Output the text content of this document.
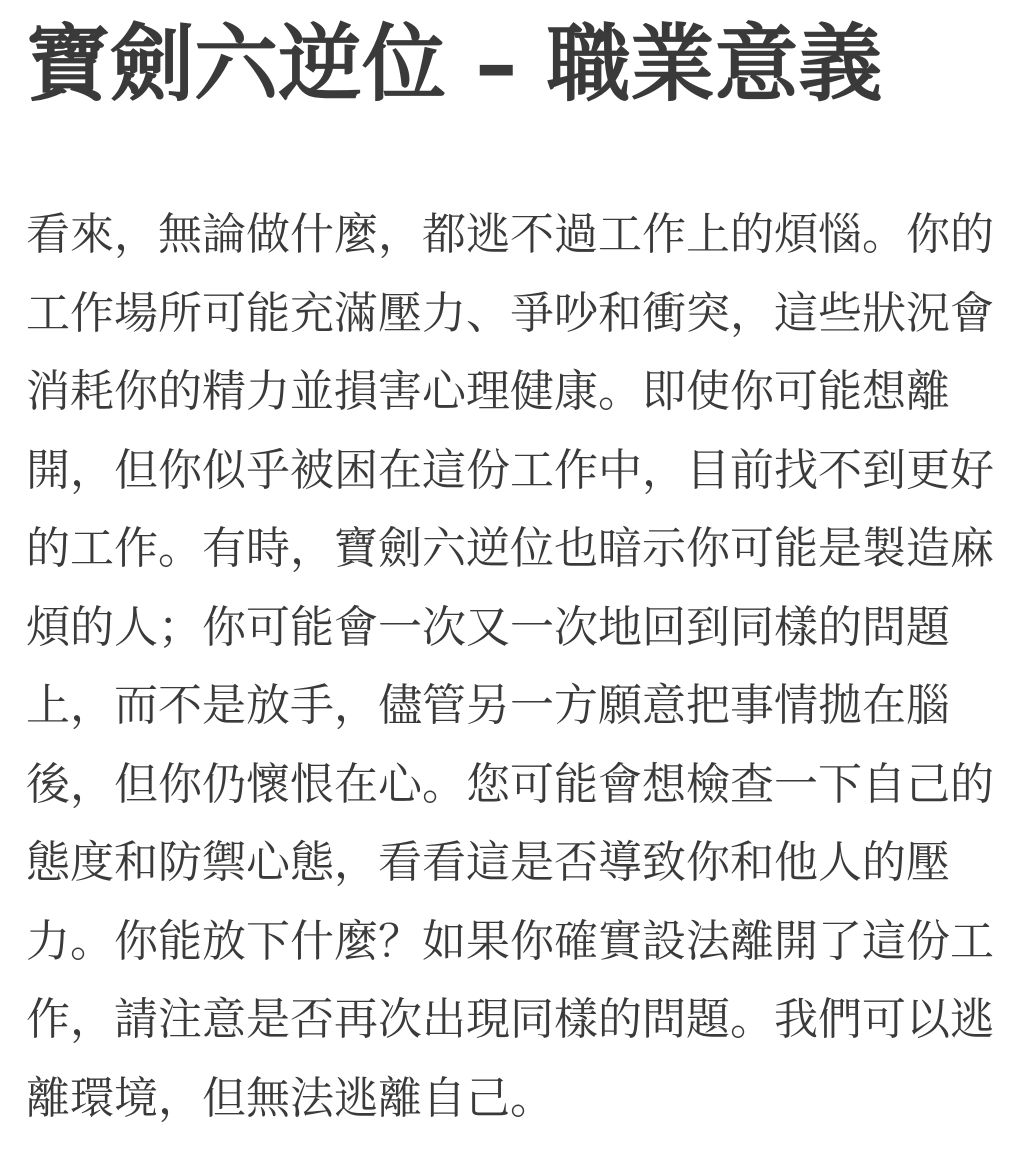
寶劍六逆位 – 職業意義

看來，無論做什麼，都逃不過工作上的煩惱。你的
工作場所可能充滿壓力、爭吵和衝突，這些狀況會
消耗你的精力並損害心理健康。即使你可能想離
開，但你似乎被困在這份工作中，目前找不到更好
的工作。有時，寶劍六逆位也暗示你可能是製造麻
煩的人；你可能會一次又一次地回到同樣的問題
上，而不是放手，儘管另一方願意把事情拋在腦
後，但你仍懷恨在心。您可能會想檢查一下自己的
態度和防禦心態，看看這是否導致你和他人的壓
力。你能放下什麼？如果你確實設法離開了這份工
作，請注意是否再次出現同樣的問題。我們可以逃
離環境，但無法逃離自己。
